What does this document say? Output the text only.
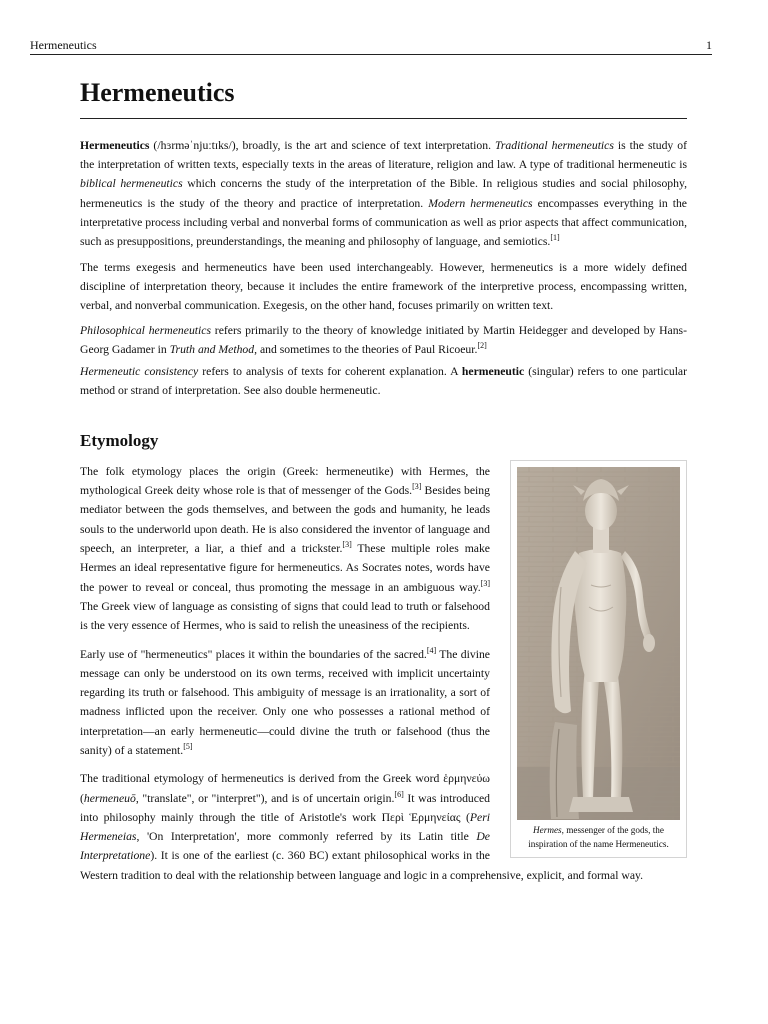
Hermeneutics	1
Hermeneutics

Hermeneutics (/hɜrməˈnjuːtɪks/), broadly, is the art and science of text interpretation. Traditional hermeneutics is the study of the interpretation of written texts, especially texts in the areas of literature, religion and law. A type of traditional hermeneutic is biblical hermeneutics which concerns the study of the interpretation of the Bible. In religious studies and social philosophy, hermeneutics is the study of the theory and practice of interpretation. Modern hermeneutics encompasses everything in the interpretative process including verbal and nonverbal forms of communication as well as prior aspects that affect communication, such as presuppositions, preunderstandings, the meaning and philosophy of language, and semiotics.[1]

The terms exegesis and hermeneutics have been used interchangeably. However, hermeneutics is a more widely defined discipline of interpretation theory, because it includes the entire framework of the interpretive process, encompassing written, verbal, and nonverbal communication. Exegesis, on the other hand, focuses primarily on written text.

Philosophical hermeneutics refers primarily to the theory of knowledge initiated by Martin Heidegger and developed by Hans-Georg Gadamer in Truth and Method, and sometimes to the theories of Paul Ricoeur.[2]

Hermeneutic consistency refers to analysis of texts for coherent explanation. A hermeneutic (singular) refers to one particular method or strand of interpretation. See also double hermeneutic.

Etymology
Hermes, messenger of the gods, the inspiration of the name Hermeneutics.

The folk etymology places the origin (Greek: hermeneutike) with Hermes, the mythological Greek deity whose role is that of messenger of the Gods.[3] Besides being mediator between the gods themselves, and between the gods and humanity, he leads souls to the underworld upon death. He is also considered the inventor of language and speech, an interpreter, a liar, a thief and a trickster.[3] These multiple roles make Hermes an ideal representative figure for hermeneutics. As Socrates notes, words have the power to reveal or conceal, thus promoting the message in an ambiguous way.[3] The Greek view of language as consisting of signs that could lead to truth or falsehood is the very essence of Hermes, who is said to relish the uneasiness of the recipients.

Early use of "hermeneutics" places it within the boundaries of the sacred.[4] The divine message can only be understood on its own terms, received with implicit uncertainty regarding its truth or falsehood. This ambiguity of message is an irrationality, a sort of madness inflicted upon the receiver. Only one who possesses a rational method of interpretation—an early hermeneutic—could divine the truth or falsehood (thus the sanity) of a statement.[5]

The traditional etymology of hermeneutics is derived from the Greek word ἑρμηνεύω (hermeneuō, "translate", or "interpret"), and is of uncertain origin.[6] It was introduced into philosophy mainly through the title of Aristotle's work Περὶ Ἑρμηνείας (Peri Hermeneias, 'On Interpretation', more commonly referred by its Latin title De Interpretatione). It is one of the earliest (c. 360 BC) extant philosophical works in the Western tradition to deal with the relationship between language and logic in a comprehensive, explicit, and formal way.
